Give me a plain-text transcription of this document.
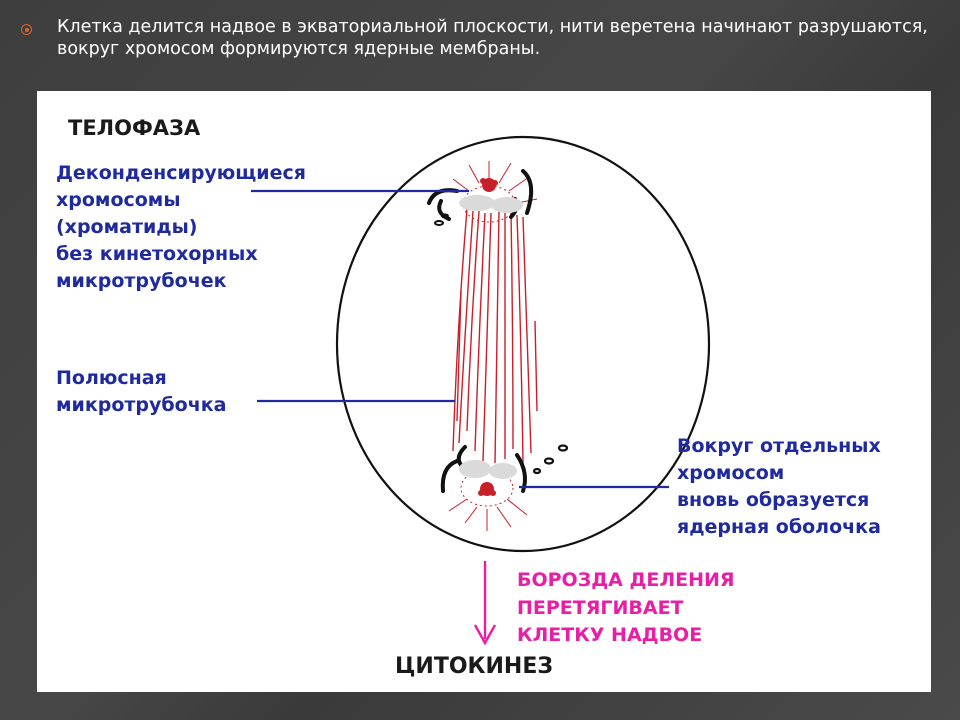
Клетка делится надвое в экваториальной плоскости, нити веретена начинают разрушаются, вокруг хромосом формируются ядерные мембраны.
ТЕЛОФАЗА
Деконденсирующиеся
хромосомы
(хроматиды)
без кинетохорных
микротрубочек
Полюсная
микротрубочка
Вокруг отдельных
хромосом
вновь образуется
ядерная оболочка
БОРОЗДА ДЕЛЕНИЯ
ПЕРЕТЯГИВАЕТ
КЛЕТКУ НАДВОЕ
ЦИТОКИНЕЗ
